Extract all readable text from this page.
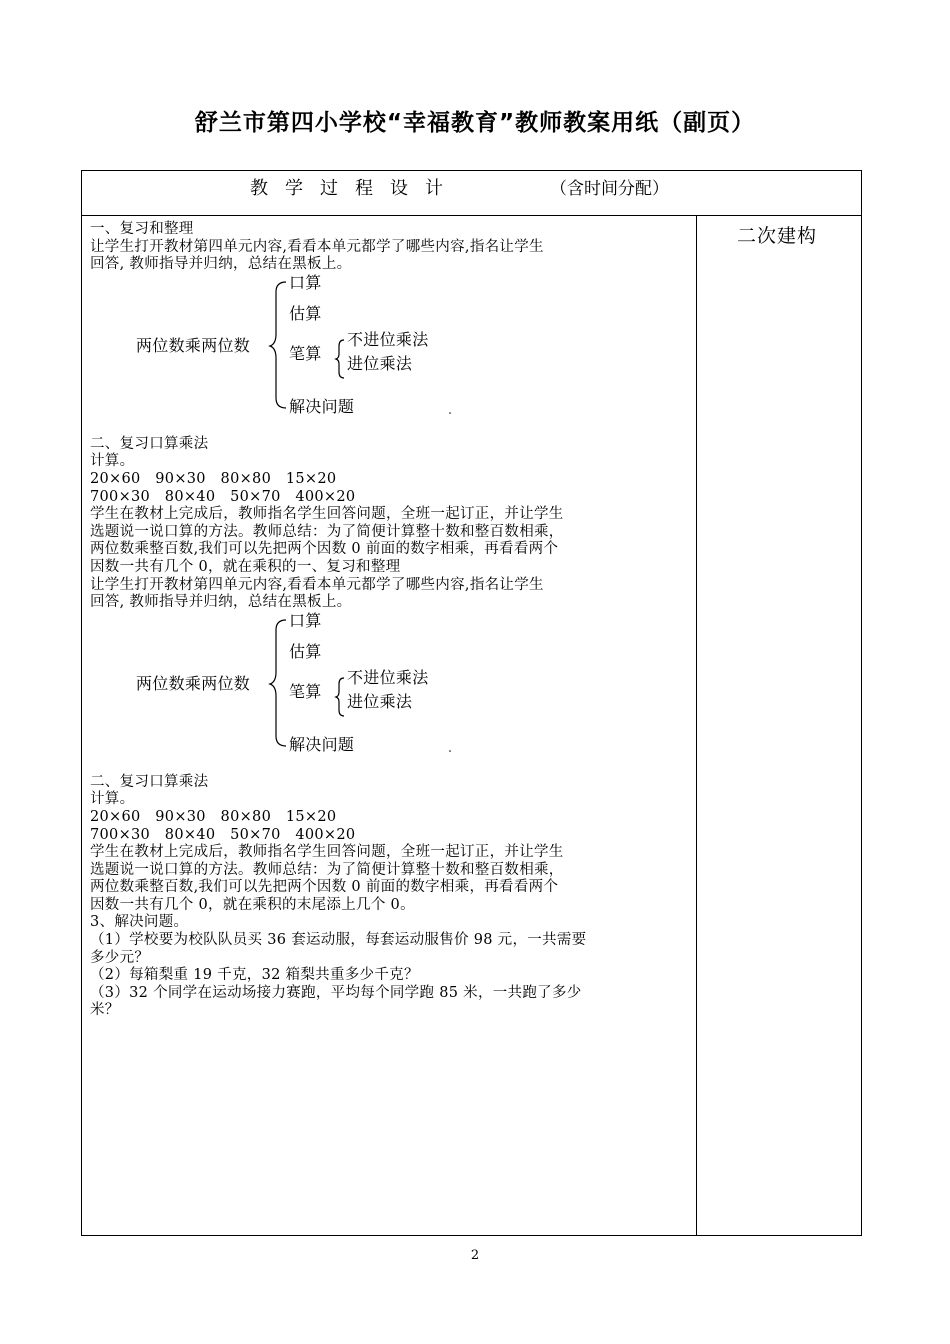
舒兰市第四小学校“幸福教育”教师教案用纸（副页）
教学过程设计	（含时间分配）
二次建构

一、复习和整理

让学生打开教材第四单元内容,看看本单元都学了哪些内容,指名让学生

回答, 教师指导并归纳，总结在黑板上。

两位数乘两位数
口算
估算
笔算
解决问题
不进位乘法
进位乘法

二、复习口算乘法

计算。

20×60   90×30   80×80   15×20

700×30   80×40   50×70   400×20

学生在教材上完成后，教师指名学生回答问题，全班一起订正，并让学生

选题说一说口算的方法。教师总结：为了简便计算整十数和整百数相乘，

两位数乘整百数,我们可以先把两个因数 0 前面的数字相乘，再看看两个

因数一共有几个 0，就在乘积的一、复习和整理

让学生打开教材第四单元内容,看看本单元都学了哪些内容,指名让学生

回答, 教师指导并归纳，总结在黑板上。

两位数乘两位数
口算
估算
笔算
解决问题
不进位乘法
进位乘法

二、复习口算乘法

计算。

20×60   90×30   80×80   15×20

700×30   80×40   50×70   400×20

学生在教材上完成后，教师指名学生回答问题，全班一起订正，并让学生

选题说一说口算的方法。教师总结：为了简便计算整十数和整百数相乘，

两位数乘整百数,我们可以先把两个因数 0 前面的数字相乘，再看看两个

因数一共有几个 0，就在乘积的末尾添上几个 0。

3、解决问题。

（1）学校要为校队队员买 36 套运动服，每套运动服售价 98 元，一共需要

多少元？

（2）每箱梨重 19 千克，32 箱梨共重多少千克？

（3）32 个同学在运动场接力赛跑，平均每个同学跑 85 米，一共跑了多少

米？

2
